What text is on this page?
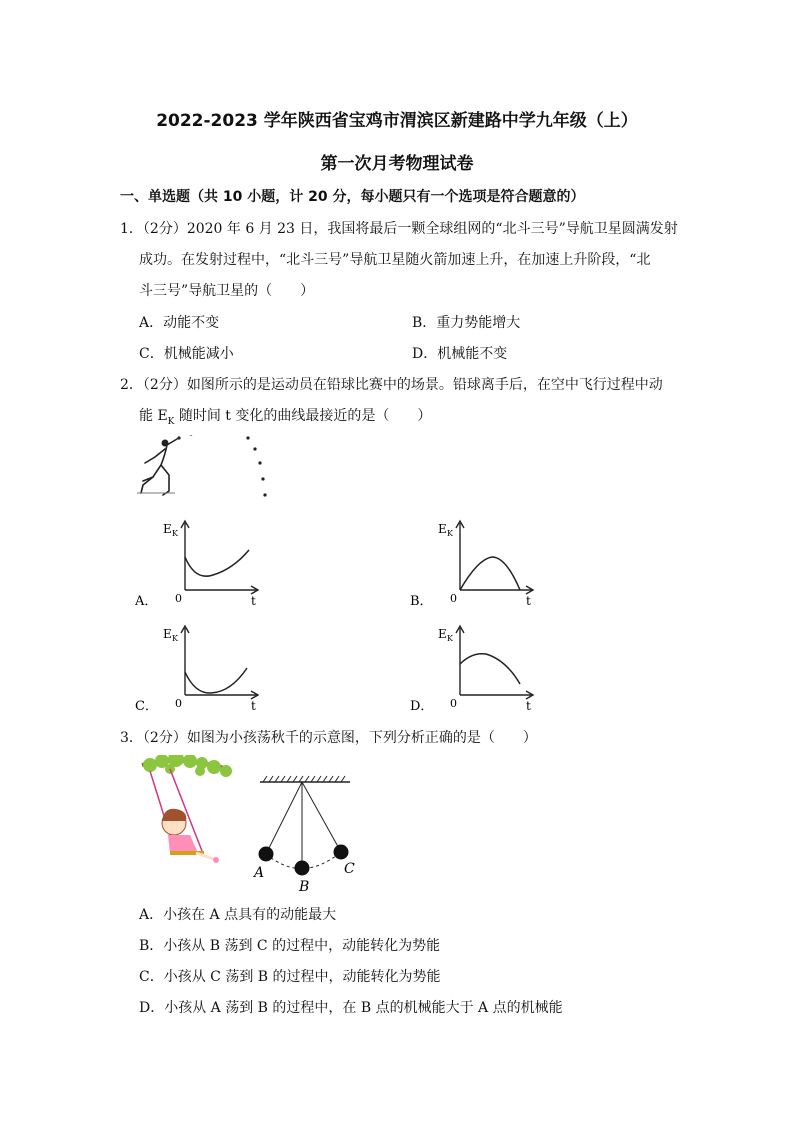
2022-2023 学年陕西省宝鸡市渭滨区新建路中学九年级（上）
第一次月考物理试卷
一、单选题（共 10 小题，计 20 分，每小题只有一个选项是符合题意的）
1．（2分）2020 年 6 月 23 日，我国将最后一颗全球组网的“北斗三号”导航卫星圆满发射
成功。在发射过程中，“北斗三号”导航卫星随火箭加速上升，在加速上升阶段，“北
斗三号”导航卫星的（　　）
A．动能不变	B．重力势能增大
C．机械能减小	D．机械能不变
2．（2分）如图所示的是运动员在铅球比赛中的场景。铅球离手后，在空中飞行过程中动
能 $E_K$ 随时间 t 变化的曲线最接近的是（　　）
A．
E K
0	t	B．
E K
0	t
C．
E K
0	t	D．
E K
0	t
3．（2分）如图为小孩荡秋千的示意图，下列分析正确的是（　　）
A
B
C
A．小孩在 A 点具有的动能最大
B．小孩从 B 荡到 C 的过程中，动能转化为势能
C．小孩从 C 荡到 B 的过程中，动能转化为势能
D．小孩从 A 荡到 B 的过程中，在 B 点的机械能大于 A 点的机械能
